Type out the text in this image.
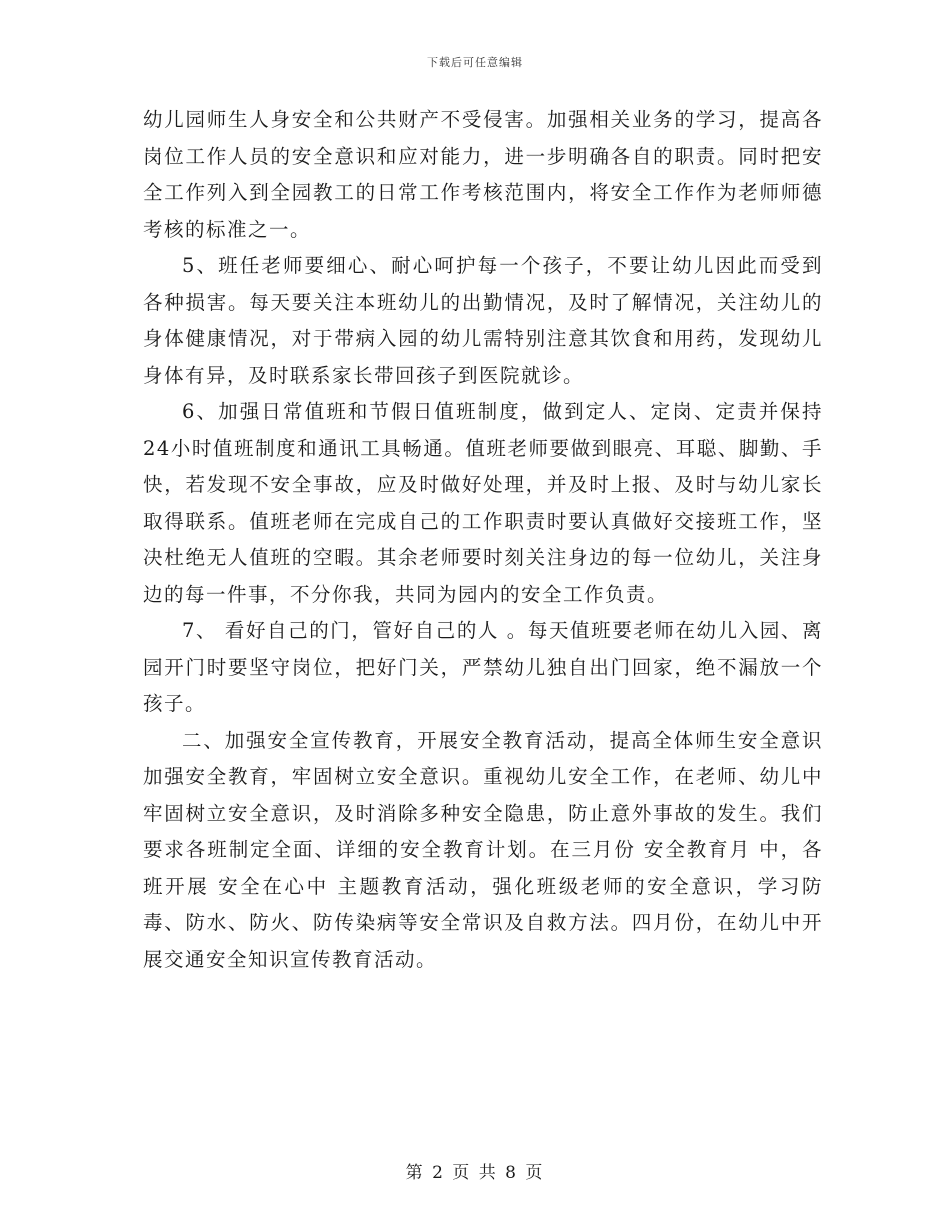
下载后可任意编辑

幼儿园师生人身安全和公共财产不受侵害。加强相关业务的学习，提高各岗位工作人员的安全意识和应对能力，进一步明确各自的职责。同时把安全工作列入到全园教工的日常工作考核范围内，将安全工作作为老师师德考核的标准之一。

5、班任老师要细心、耐心呵护每一个孩子，不要让幼儿因此而受到各种损害。每天要关注本班幼儿的出勤情况，及时了解情况，关注幼儿的身体健康情况，对于带病入园的幼儿需特别注意其饮食和用药，发现幼儿身体有异，及时联系家长带回孩子到医院就诊。

6、加强日常值班和节假日值班制度，做到定人、定岗、定责并保持24小时值班制度和通讯工具畅通。值班老师要做到眼亮、耳聪、脚勤、手快，若发现不安全事故，应及时做好处理，并及时上报、及时与幼儿家长取得联系。值班老师在完成自己的工作职责时要认真做好交接班工作，坚决杜绝无人值班的空暇。其余老师要时刻关注身边的每一位幼儿，关注身边的每一件事，不分你我，共同为园内的安全工作负责。

7、 看好自己的门，管好自己的人 。每天值班要老师在幼儿入园、离园开门时要坚守岗位，把好门关，严禁幼儿独自出门回家，绝不漏放一个孩子。

二、加强安全宣传教育，开展安全教育活动，提高全体师生安全意识加强安全教育，牢固树立安全意识。重视幼儿安全工作，在老师、幼儿中牢固树立安全意识，及时消除多种安全隐患，防止意外事故的发生。我们要求各班制定全面、详细的安全教育计划。在三月份 安全教育月 中，各班开展 安全在心中 主题教育活动，强化班级老师的安全意识，学习防毒、防水、防火、防传染病等安全常识及自救方法。四月份，在幼儿中开展交通安全知识宣传教育活动。

第 2 页 共 8 页
